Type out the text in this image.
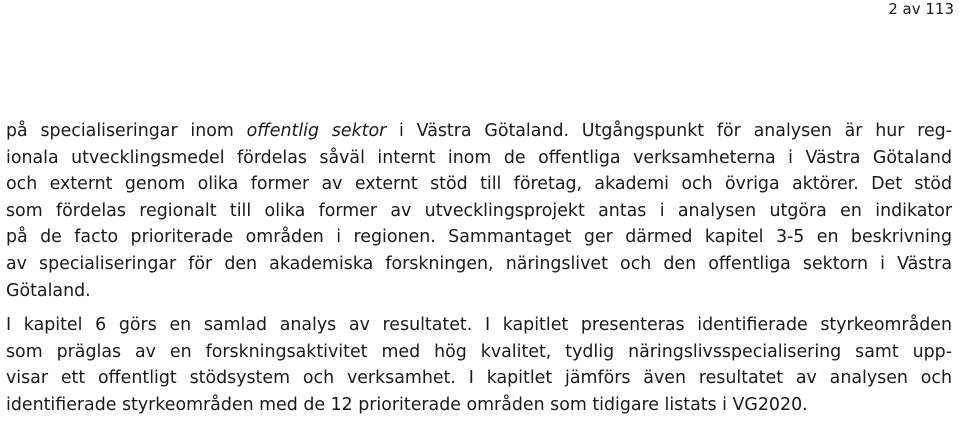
2 av 113
på specialiseringar inom offentlig sektor i Västra Götaland. Utgångspunkt för analysen är hur reg-
ionala utvecklingsmedel fördelas såväl internt inom de offentliga verksamheterna i Västra Götaland
och externt genom olika former av externt stöd till företag, akademi och övriga aktörer. Det stöd
som fördelas regionalt till olika former av utvecklingsprojekt antas i analysen utgöra en indikator
på de facto prioriterade områden i regionen. Sammantaget ger därmed kapitel 3-5 en beskrivning
av specialiseringar för den akademiska forskningen, näringslivet och den offentliga sektorn i Västra
Götaland.
I kapitel 6 görs en samlad analys av resultatet. I kapitlet presenteras identifierade styrkeområden
som präglas av en forskningsaktivitet med hög kvalitet, tydlig näringslivsspecialisering samt upp-
visar ett offentligt stödsystem och verksamhet. I kapitlet jämförs även resultatet av analysen och
identifierade styrkeområden med de 12 prioriterade områden som tidigare listats i VG2020.
